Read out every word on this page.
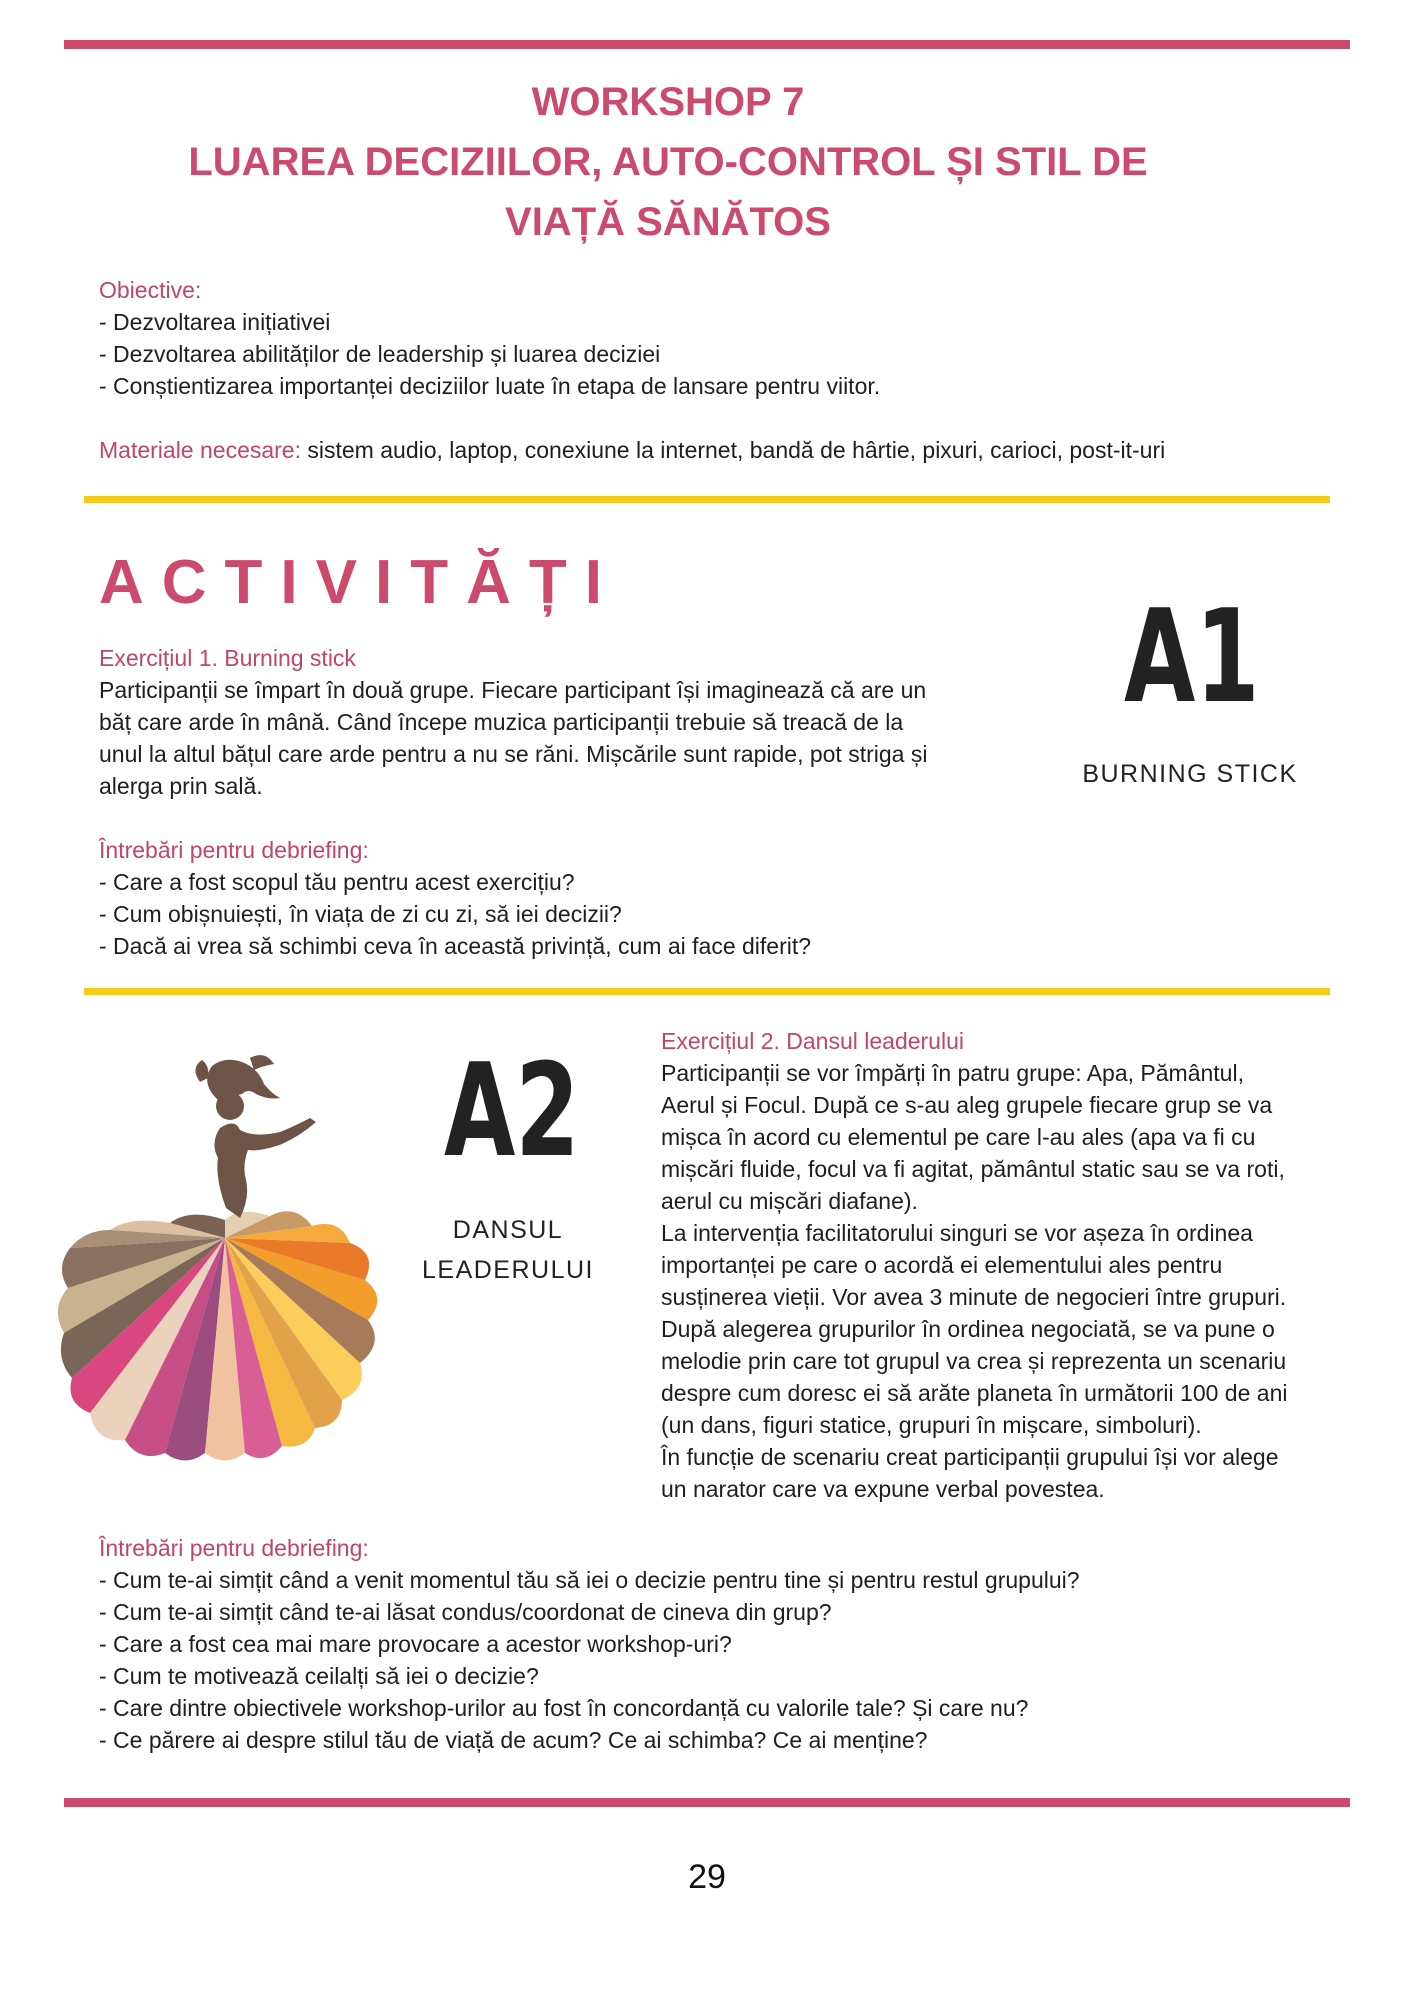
WORKSHOP 7
LUAREA DECIZIILOR, AUTO-CONTROL ȘI STIL DE
VIAȚĂ SĂNĂTOS
Obiective:
- Dezvoltarea inițiativei
- Dezvoltarea abilităților de leadership și luarea deciziei
- Conștientizarea importanței deciziilor luate în etapa de lansare pentru viitor.
Materiale necesare: sistem audio, laptop, conexiune la internet, bandă de hârtie, pixuri, carioci, post-it-uri
ACTIVITĂȚI
Exercițiul 1. Burning stick
Participanții se împart în două grupe. Fiecare participant își imaginează că are un
băț care arde în mână. Când începe muzica participanții trebuie să treacă de la
unul la altul bățul care arde pentru a nu se răni. Mișcările sunt rapide, pot striga și
alerga prin sală.
Întrebări pentru debriefing:
- Care a fost scopul tău pentru acest exercițiu?
- Cum obișnuiești, în viața de zi cu zi, să iei decizii?
- Dacă ai vrea să schimbi ceva în această privință, cum ai face diferit?
A1
BURNING STICK
A2
DANSUL
LEADERULUI
Exercițiul 2. Dansul leaderului
Participanții se vor împărți în patru grupe: Apa, Pământul,
Aerul și Focul. După ce s-au aleg grupele fiecare grup se va
mișca în acord cu elementul pe care l-au ales (apa va fi cu
mișcări fluide, focul va fi agitat, pământul static sau se va roti,
aerul cu mișcări diafane).
La intervenția facilitatorului singuri se vor așeza în ordinea
importanței pe care o acordă ei elementului ales pentru
susținerea vieții. Vor avea 3 minute de negocieri între grupuri.
După alegerea grupurilor în ordinea negociată, se va pune o
melodie prin care tot grupul va crea și reprezenta un scenariu
despre cum doresc ei să arăte planeta în următorii 100 de ani
(un dans, figuri statice, grupuri în mișcare, simboluri).
În funcție de scenariu creat participanții grupului își vor alege
un narator care va expune verbal povestea.
Întrebări pentru debriefing:
- Cum te-ai simțit când a venit momentul tău să iei o decizie pentru tine și pentru restul grupului?
- Cum te-ai simțit când te-ai lăsat condus/coordonat de cineva din grup?
- Care a fost cea mai mare provocare a acestor workshop-uri?
- Cum te motivează ceilalți să iei o decizie?
- Care dintre obiectivele workshop-urilor au fost în concordanță cu valorile tale? Și care nu?
- Ce părere ai despre stilul tău de viață de acum? Ce ai schimba? Ce ai menține?
29
